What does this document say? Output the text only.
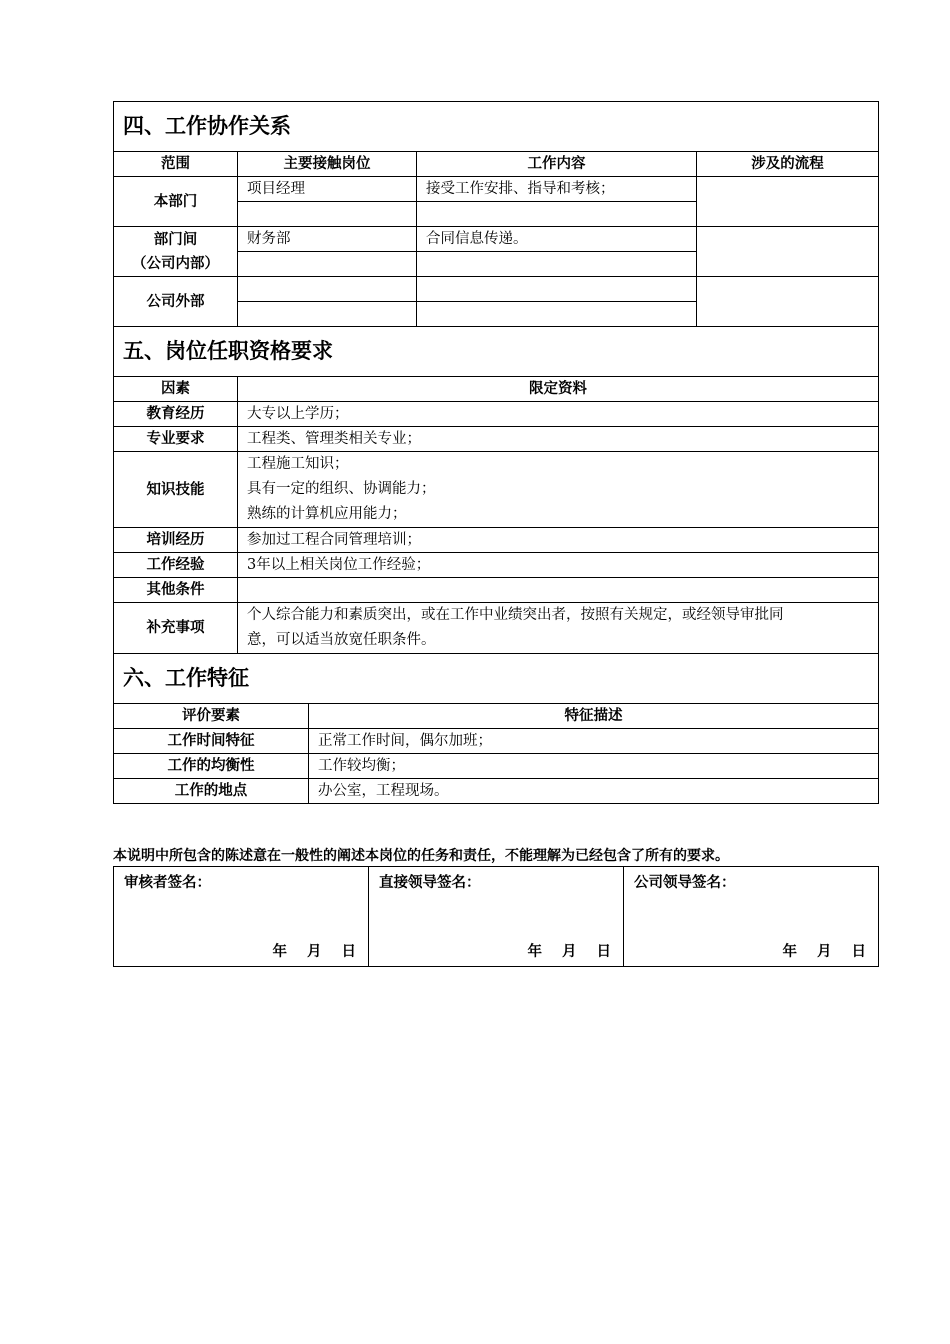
四、工作协作关系				
范围	主要接触岗位		工作内容	涉及的流程
本部门	项目经理		接受工作安排、指导和考核；	

部门间
（公司内部）	财务部		合同信息传递。	

公司外部				

五、岗位任职资格要求				
因素	限定资料			
教育经历	大专以上学历；			
专业要求	工程类、管理类相关专业；			
知识技能	工程施工知识；
具有一定的组织、协调能力；
熟练的计算机应用能力；			

培训经历	参加过工程合同管理培训；			
工作经验	3年以上相关岗位工作经验；			
其他条件				
补充事项	个人综合能力和素质突出，或在工作中业绩突出者，按照有关规定，或经领导审批同
意，可以适当放宽任职条件。			

六、工作特征				
评价要素		特征描述		
工作时间特征		正常工作时间，偶尔加班；		
工作的均衡性		工作较均衡；		
工作的地点		办公室，工程现场。		
本说明中所包含的陈述意在一般性的阐述本岗位的任务和责任，不能理解为已经包含了所有的要求。
审核者签名：
年 月 日

直接领导签名：
年 月 日

公司领导签名：
年 月 日
